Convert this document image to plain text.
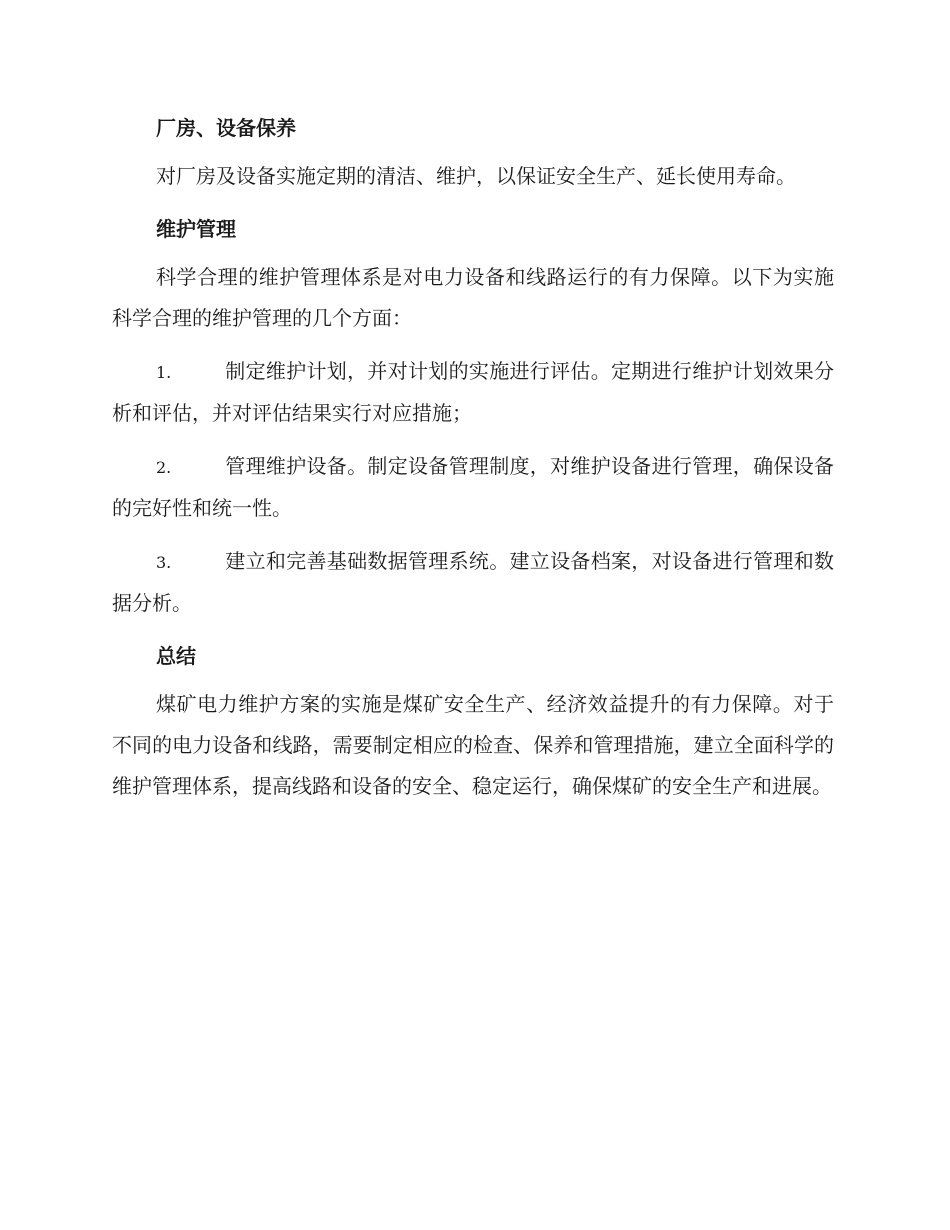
厂房、设备保养

对厂房及设备实施定期的清洁、维护，以保证安全生产、延长使用寿命。

维护管理

科学合理的维护管理体系是对电力设备和线路运行的有力保障。以下为实施科学合理的维护管理的几个方面：

1.	制定维护计划，并对计划的实施进行评估。定期进行维护计划效果分析和评估，并对评估结果实行对应措施；

2.	管理维护设备。制定设备管理制度，对维护设备进行管理，确保设备的完好性和统一性。

3.	建立和完善基础数据管理系统。建立设备档案，对设备进行管理和数据分析。

总结

煤矿电力维护方案的实施是煤矿安全生产、经济效益提升的有力保障。对于不同的电力设备和线路，需要制定相应的检查、保养和管理措施，建立全面科学的维护管理体系，提高线路和设备的安全、稳定运行，确保煤矿的安全生产和进展。
